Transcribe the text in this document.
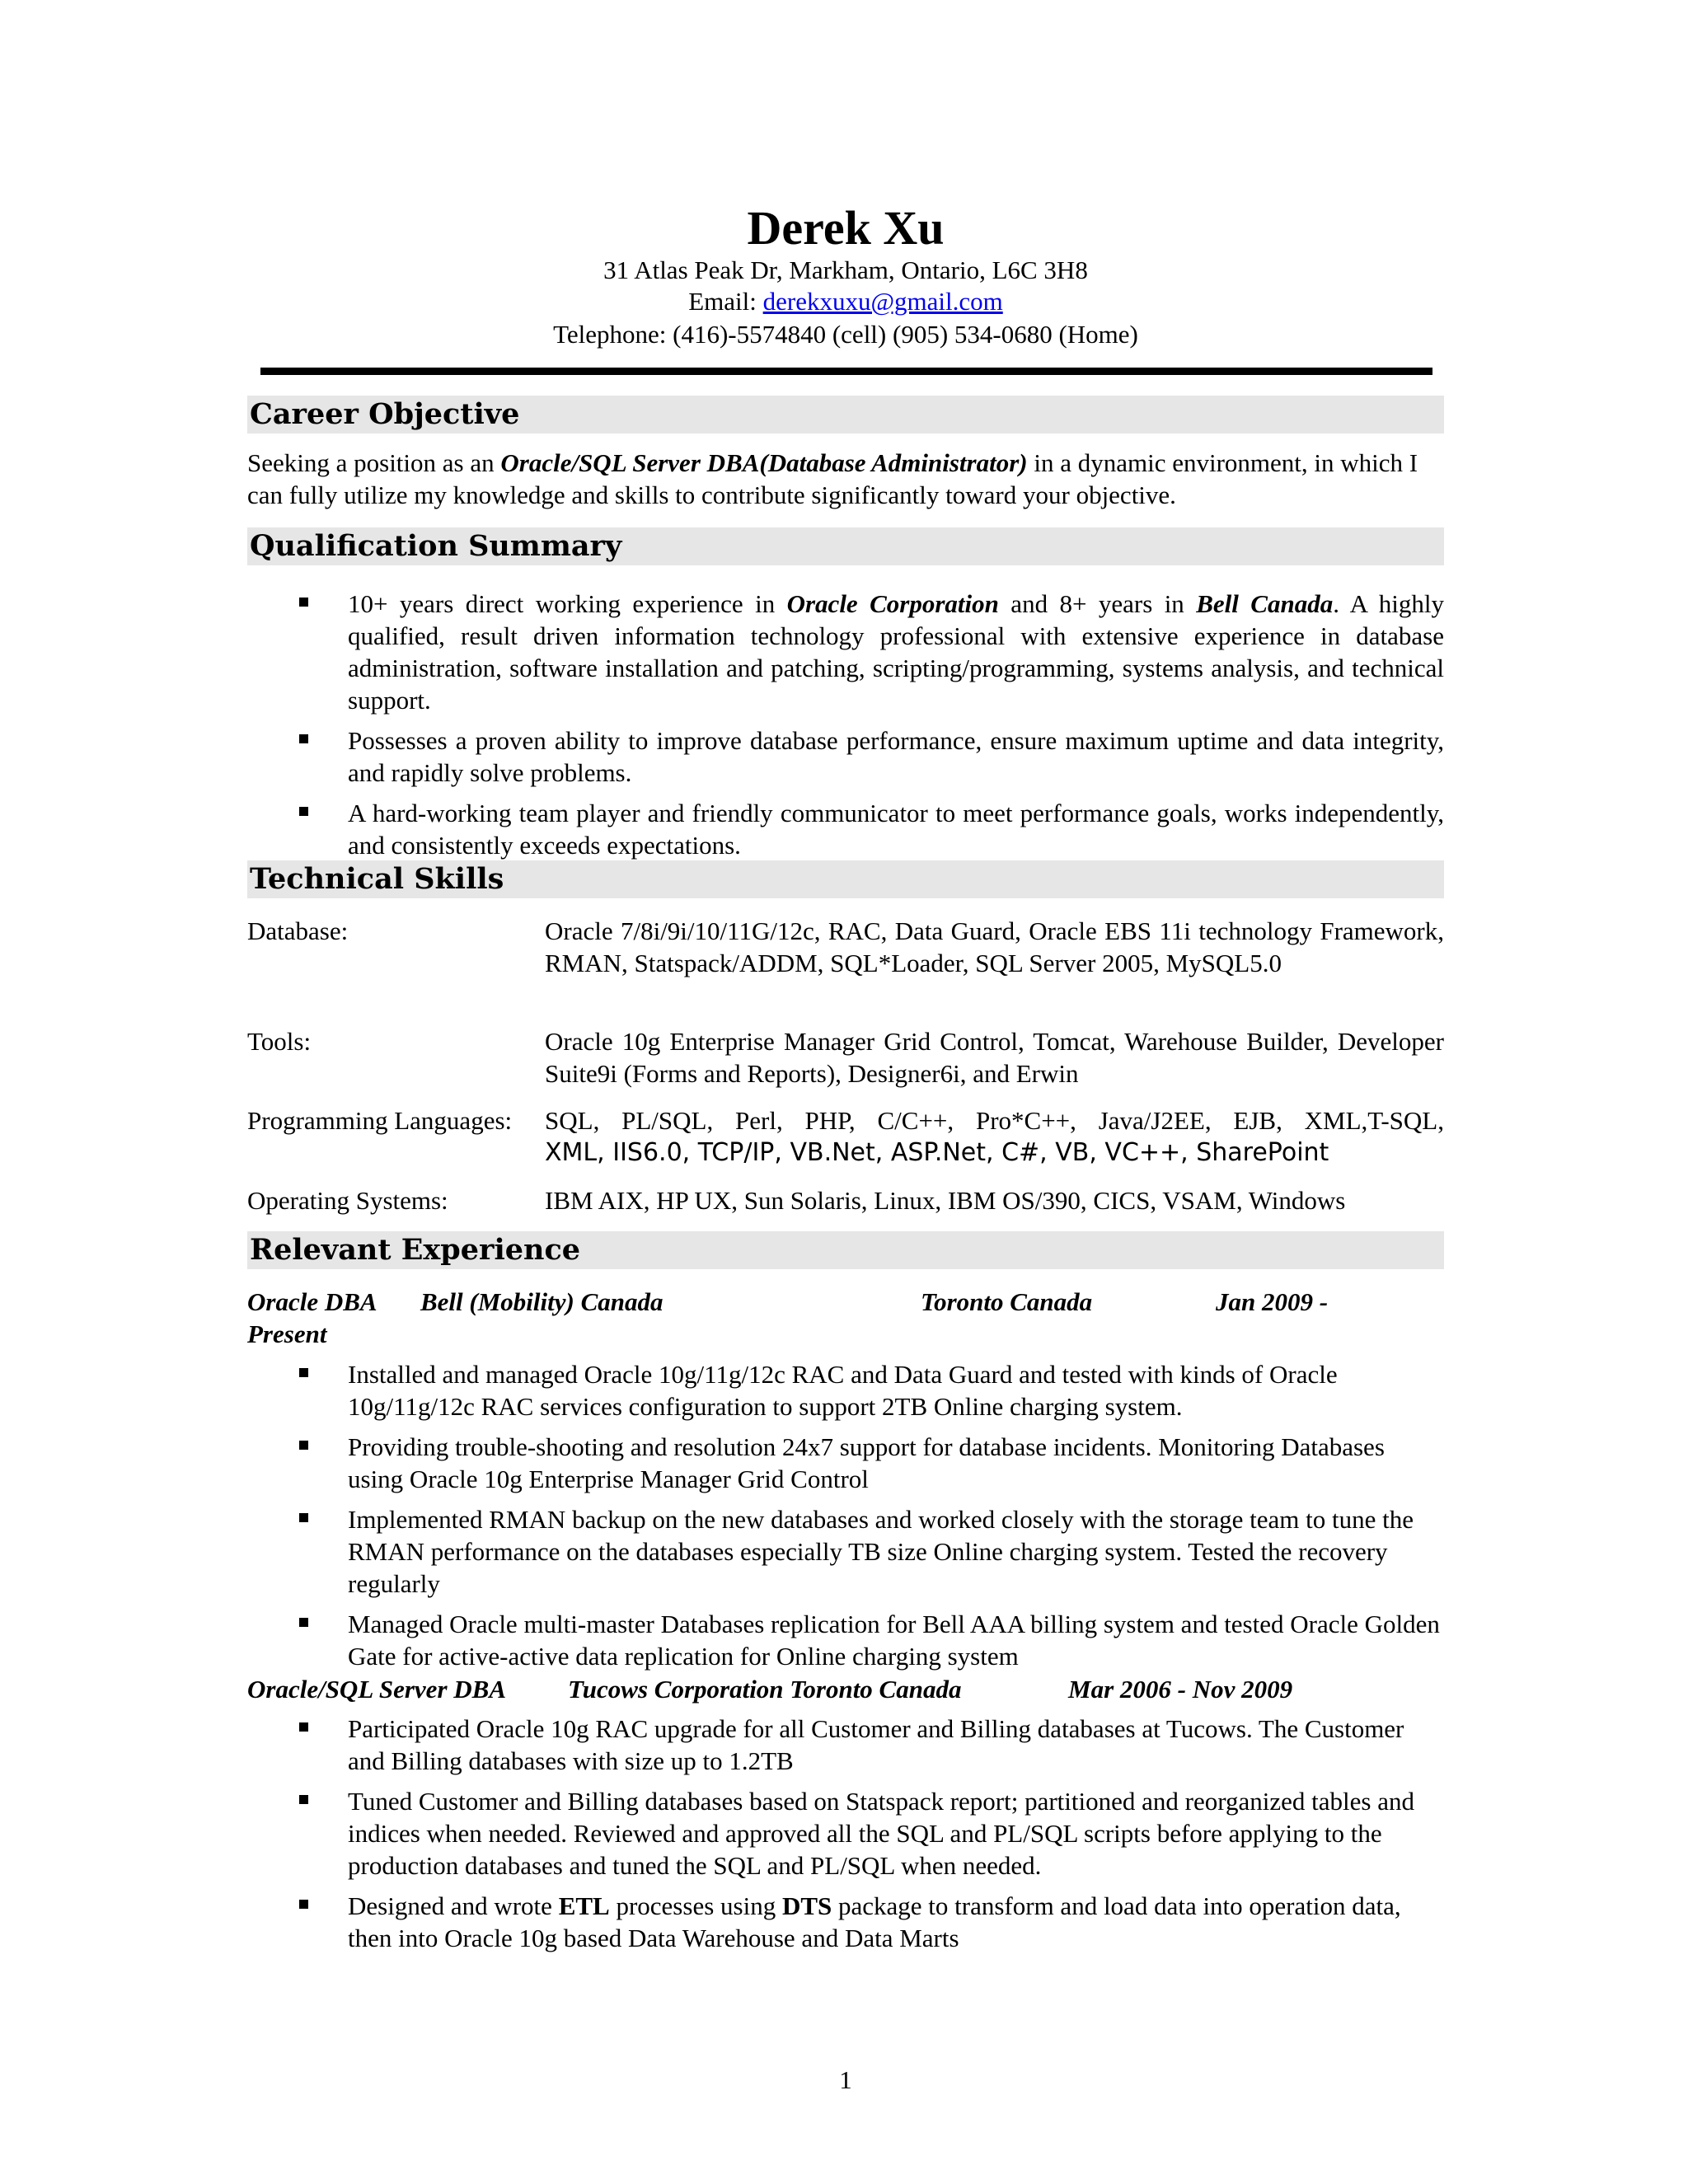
Derek Xu
31 Atlas Peak Dr, Markham, Ontario, L6C 3H8
Email: derekxuxu@gmail.com
Telephone: (416)-5574840 (cell) (905) 534-0680 (Home)
Career Objective
Seeking a position as an Oracle/SQL Server DBA(Database Administrator) in a dynamic environment, in which I can fully utilize my knowledge and skills to contribute significantly toward your objective.
Qualification Summary
10+ years direct working experience in Oracle Corporation and 8+ years in Bell Canada. A highly qualified, result driven information technology professional with extensive experience in database administration, software installation and patching, scripting/programming, systems analysis, and technical support.
Possesses a proven ability to improve database performance, ensure maximum uptime and data integrity, and rapidly solve problems.
A hard-working team player and friendly communicator to meet performance goals, works independently, and consistently exceeds expectations.
Technical Skills
Database:	Oracle 7/8i/9i/10/11G/12c, RAC, Data Guard, Oracle EBS 11i technology Framework, RMAN, Statspack/ADDM, SQL*Loader, SQL Server 2005, MySQL5.0
Tools:	Oracle 10g Enterprise Manager Grid Control, Tomcat, Warehouse Builder, Developer Suite9i (Forms and Reports), Designer6i, and Erwin
Programming Languages: SQL, PL/SQL, Perl, PHP, C/C++, Pro*C++, Java/J2EE, EJB, XML,T-SQL,
XML, IIS6.0, TCP/IP, VB.Net, ASP.Net, C#, VB, VC++, SharePoint
Operating Systems:	IBM AIX, HP UX, Sun Solaris, Linux, IBM OS/390, CICS, VSAM, Windows
Relevant Experience
Oracle DBA Bell (Mobility) Canada	Toronto Canada	Jan 2009 -
Present
Installed and managed Oracle 10g/11g/12c RAC and Data Guard and tested with kinds of Oracle 10g/11g/12c RAC services configuration to support 2TB Online charging system.
Providing trouble-shooting and resolution 24x7 support for database incidents. Monitoring Databases using Oracle 10g Enterprise Manager Grid Control
Implemented RMAN backup on the new databases and worked closely with the storage team to tune the RMAN performance on the databases especially TB size Online charging system. Tested the recovery regularly
Managed Oracle multi-master Databases replication for Bell AAA billing system and tested Oracle Golden Gate for active-active data replication for Online charging system
Oracle/SQL Server DBA Tucows Corporation Toronto Canada	Mar 2006 - Nov 2009
Participated Oracle 10g RAC upgrade for all Customer and Billing databases at Tucows. The Customer and Billing databases with size up to 1.2TB
Tuned Customer and Billing databases based on Statspack report; partitioned and reorganized tables and indices when needed. Reviewed and approved all the SQL and PL/SQL scripts before applying to the production databases and tuned the SQL and PL/SQL when needed.
Designed and wrote ETL processes using DTS package to transform and load data into operation data, then into Oracle 10g based Data Warehouse and Data Marts
1
